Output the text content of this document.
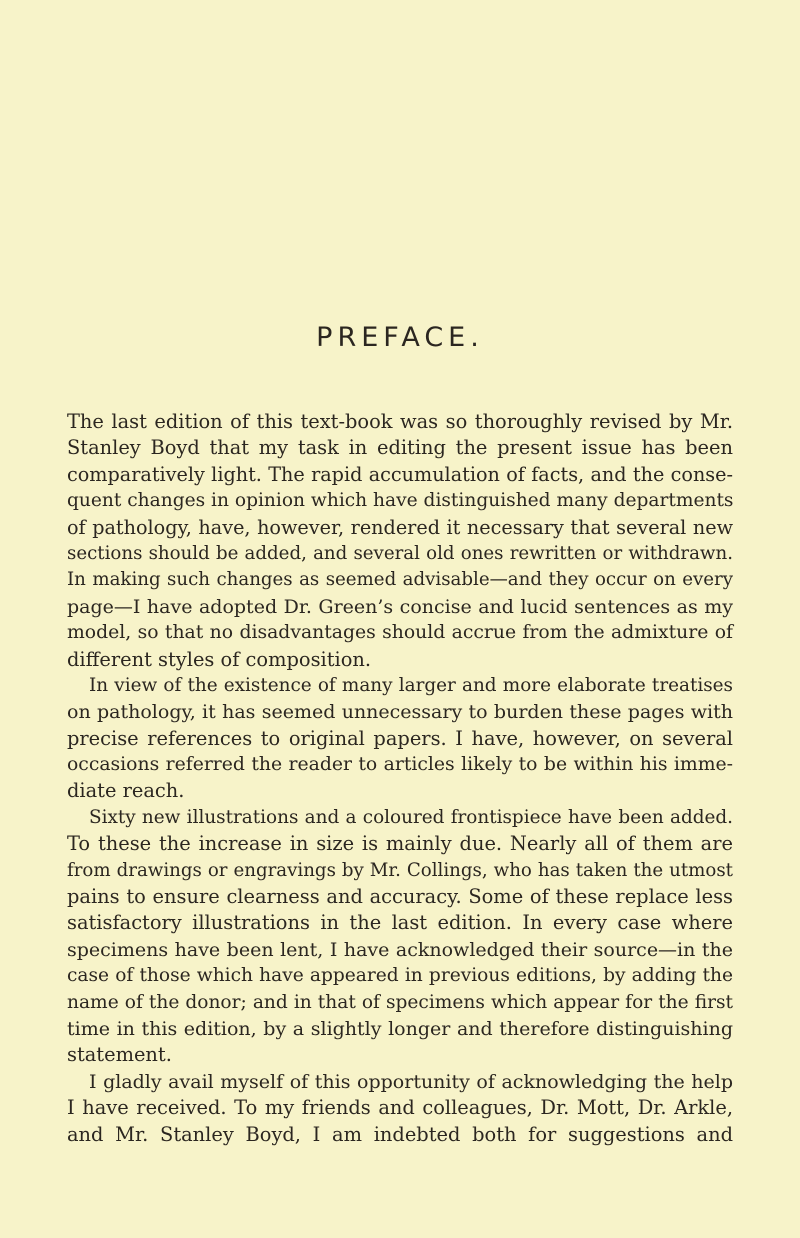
PREFACE.
The last edition of this text-book was so thoroughly revised by Mr.
Stanley Boyd that my task in editing the present issue has been
comparatively light. The rapid accumulation of facts, and the conse-
quent changes in opinion which have distinguished many departments
of pathology, have, however, rendered it necessary that several new
sections should be added, and several old ones rewritten or withdrawn.
In making such changes as seemed advisable—and they occur on every
page—I have adopted Dr. Green’s concise and lucid sentences as my
model, so that no disadvantages should accrue from the admixture of
different styles of composition.
In view of the existence of many larger and more elaborate treatises
on pathology, it has seemed unnecessary to burden these pages with
precise references to original papers. I have, however, on several
occasions referred the reader to articles likely to be within his imme-
diate reach.
Sixty new illustrations and a coloured frontispiece have been added.
To these the increase in size is mainly due. Nearly all of them are
from drawings or engravings by Mr. Collings, who has taken the utmost
pains to ensure clearness and accuracy. Some of these replace less
satisfactory illustrations in the last edition. In every case where
specimens have been lent, I have acknowledged their source—in the
case of those which have appeared in previous editions, by adding the
name of the donor; and in that of specimens which appear for the first
time in this edition, by a slightly longer and therefore distinguishing
statement.
I gladly avail myself of this opportunity of acknowledging the help
I have received. To my friends and colleagues, Dr. Mott, Dr. Arkle,
and Mr. Stanley Boyd, I am indebted both for suggestions and
